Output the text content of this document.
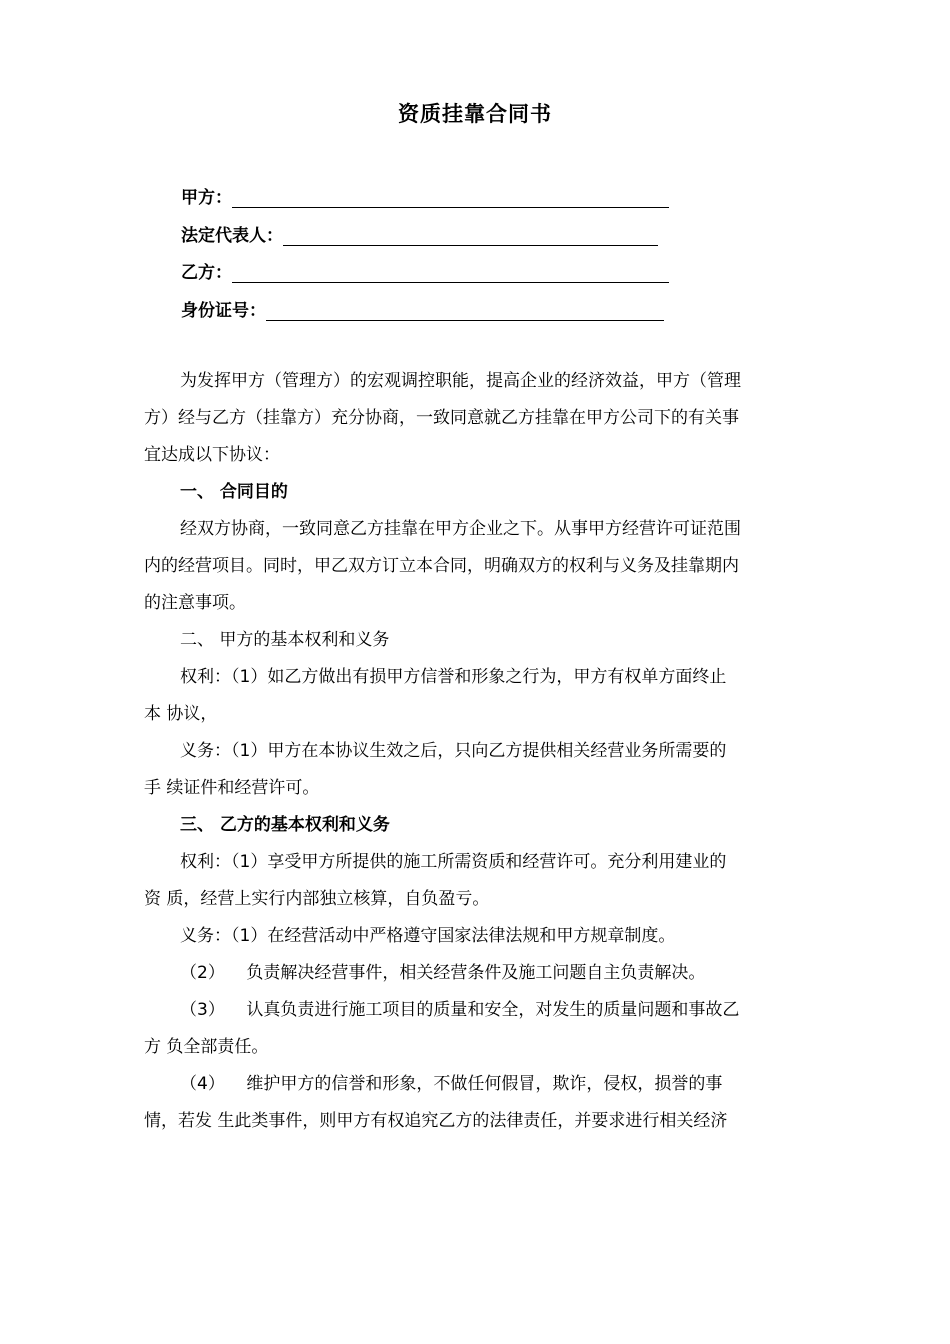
资质挂靠合同书
甲方：
法定代表人：
乙方：
身份证号：
为发挥甲方（管理方）的宏观调控职能，提高企业的经济效益，甲方（管理
方）经与乙方（挂靠方）充分协商，一致同意就乙方挂靠在甲方公司下的有关事
宜达成以下协议：
一、 合同目的
经双方协商，一致同意乙方挂靠在甲方企业之下。从事甲方经营许可证范围
内的经营项目。同时，甲乙双方订立本合同，明确双方的权利与义务及挂靠期内
的注意事项。
二、 甲方的基本权利和义务
权利：（1）如乙方做出有损甲方信誉和形象之行为，甲方有权单方面终止
本 协议，
义务：（1）甲方在本协议生效之后，只向乙方提供相关经营业务所需要的
手 续证件和经营许可。
三、 乙方的基本权利和义务
权利：（1）享受甲方所提供的施工所需资质和经营许可。充分利用建业的
资 质，经营上实行内部独立核算，自负盈亏。
义务：（1）在经营活动中严格遵守国家法律法规和甲方规章制度。
（2）    负责解决经营事件，相关经营条件及施工问题自主负责解决。
（3）    认真负责进行施工项目的质量和安全，对发生的质量问题和事故乙
方 负全部责任。
（4）    维护甲方的信誉和形象，不做任何假冒，欺诈，侵权，损誉的事
情，若发 生此类事件，则甲方有权追究乙方的法律责任，并要求进行相关经济
